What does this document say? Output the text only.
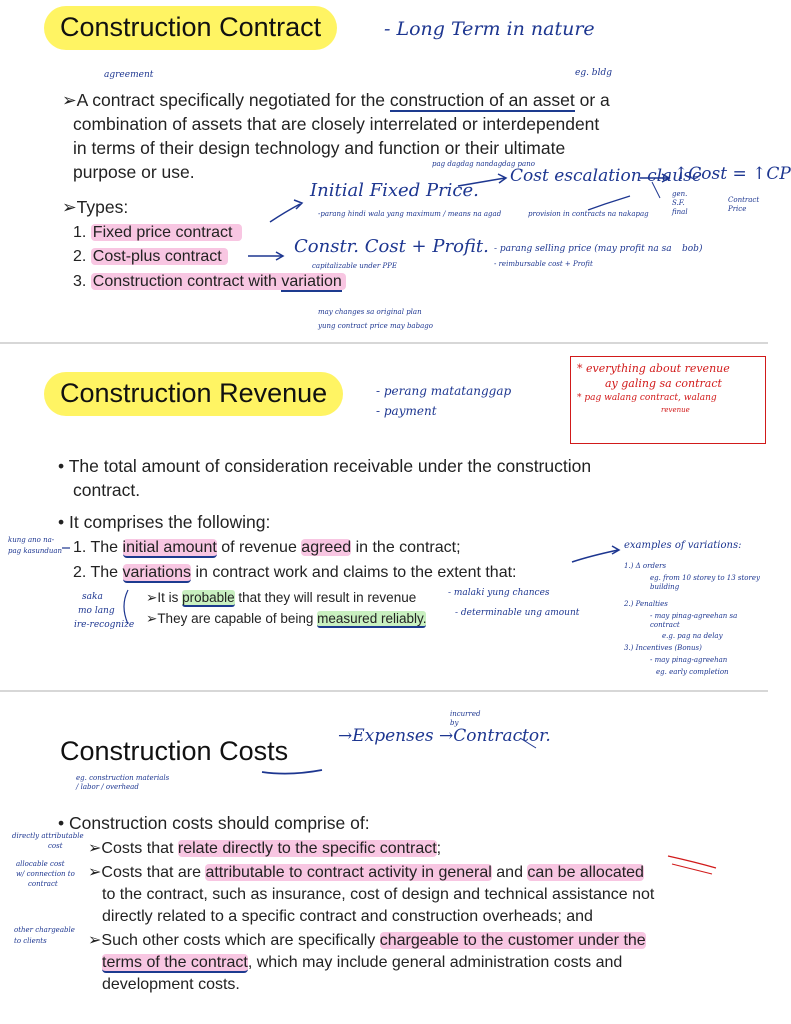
Construction Contract	- Long Term in nature
agreement	eg. bldg
➢A contract specifically negotiated for the construction of an asset or a
combination of assets that are closely interrelated or interdependent
in terms of their design technology and function or their ultimate
purpose or use.
➢Types:
1. Fixed price contract
2. Cost-plus contract
3. Construction contract with variation
Initial Fixed Price.
-parang hindi wala yang maximum / means na agad
pag dagdag nandagdag pano
Cost escalation clause
provision in contracts na nakapag
↑Cost = ↑CP
Contract Price
gen. S.F. final
Constr. Cost + Profit.
capitalizable under PPE
- parang selling price (may profit na sa bob)
- reimbursable cost + Profit
may changes sa original plan
yung contract price may babago
Construction Revenue	- perang matatanggap
- payment
* everything about revenue
ay galing sa contract
* pag walang contract, walang
revenue
• The total amount of consideration receivable under the construction
contract.
• It comprises the following:
1. The initial amount of revenue agreed in the contract;
2. The variations in contract work and claims to the extent that:
➢It is probable that they will result in revenue
➢They are capable of being measured reliably.
kung ano na-
pag kasunduan
saka
mo lang
ire-recognize
- malaki yung chances
- determinable ung amount
examples of variations:
1.) Δ orders
eg. from 10 storey to 13 storey building
2.) Penalties
- may pinag-agreehan sa contract
e.g. pag na delay
3.) Incentives (Bonus)
- may pinag-agreehan
eg. early completion
Construction Costs	→Expenses →Contractor.
incurred by
eg. construction materials / labor / overhead
• Construction costs should comprise of:
➢Costs that relate directly to the specific contract;
➢Costs that are attributable to contract activity in general and can be allocated
to the contract, such as insurance, cost of design and technical assistance not
directly related to a specific contract and construction overheads; and
➢Such other costs which are specifically chargeable to the customer under the
terms of the contract, which may include general administration costs and
development costs.
directly attributable
cost
allocable cost
w/ connection to
contract
other chargeable
to clients
